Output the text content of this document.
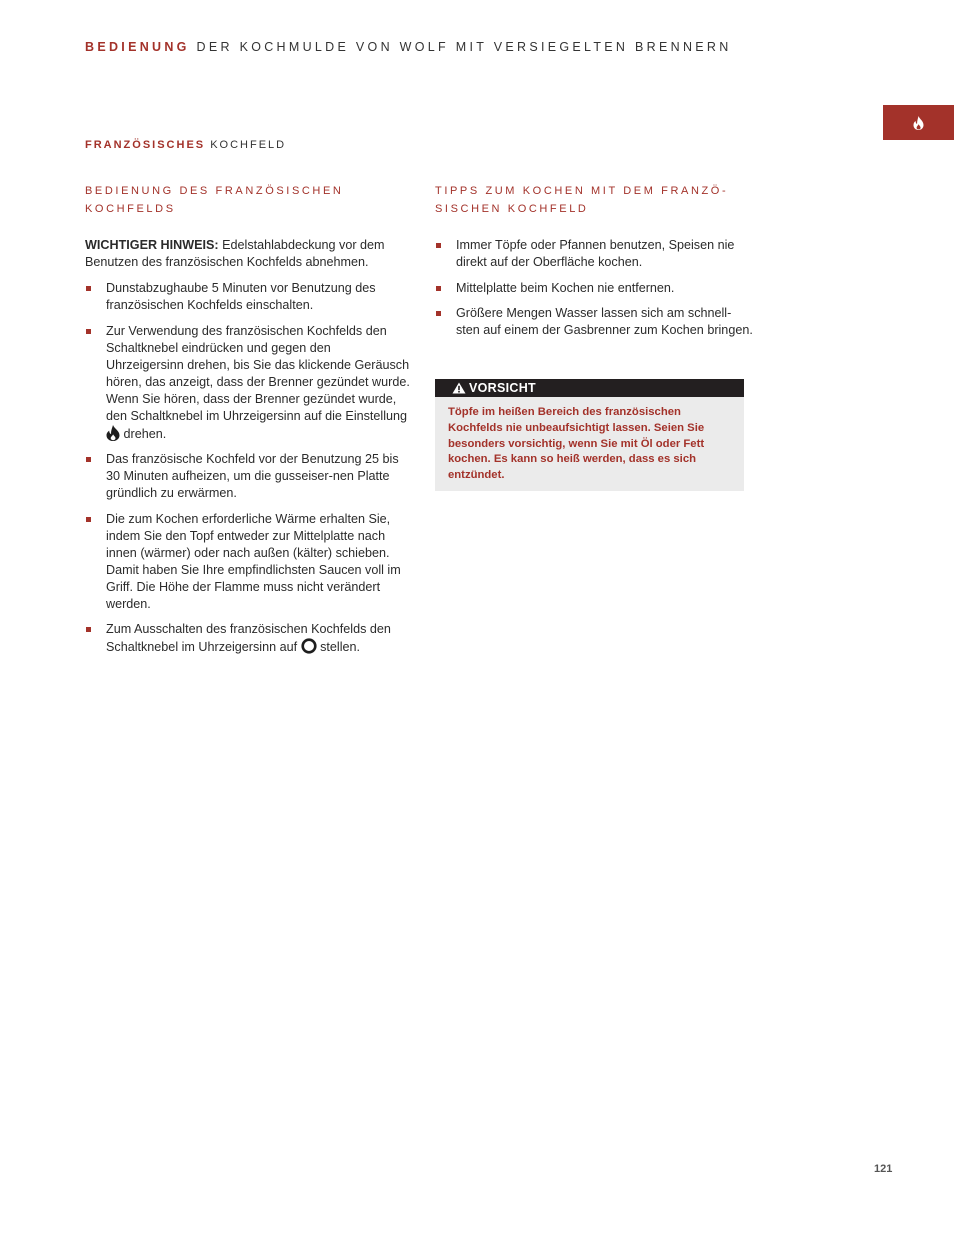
BEDIENUNG DER KOCHMULDE VON WOLF MIT VERSIEGELTEN BRENNERN
FRANZÖSISCHES KOCHFELD
BEDIENUNG DES FRANZÖSISCHEN
KOCHFELDS

WICHTIGER HINWEIS: Edelstahlabdeckung vor dem Benutzen des französischen Kochfelds abnehmen.

Dunstabzughaube 5 Minuten vor Benutzung des französischen Kochfelds einschalten.
Zur Verwendung des französischen Kochfelds den Schaltknebel eindrücken und gegen den Uhrzeigersinn drehen, bis Sie das klickende Geräusch hören, das anzeigt, dass der Brenner gezündet wurde. Wenn Sie hören, dass der Brenner gezündet wurde, den Schaltknebel im Uhrzeigersinn auf die Einstellung  drehen.
Das französische Kochfeld vor der Benutzung 25 bis 30 Minuten aufheizen, um die gusseiser-nen Platte gründlich zu erwärmen.
Die zum Kochen erforderliche Wärme erhalten Sie, indem Sie den Topf entweder zur Mittelplatte nach innen (wärmer) oder nach außen (kälter) schieben. Damit haben Sie Ihre empfindlichsten Saucen voll im Griff. Die Höhe der Flamme muss nicht verändert werden.
Zum Ausschalten des französischen Kochfelds den Schaltknebel im Uhrzeigersinn auf stellen.
TIPPS ZUM KOCHEN MIT DEM FRANZÖ-
SISCHEN KOCHFELD
Immer Töpfe oder Pfannen benutzen, Speisen nie direkt auf der Oberfläche kochen.
Mittelplatte beim Kochen nie entfernen.
Größere Mengen Wasser lassen sich am schnell-sten auf einem der Gasbrenner zum Kochen bringen.
VORSICHT

Töpfe im heißen Bereich des französischen Kochfelds nie unbeaufsichtigt lassen. Seien Sie besonders vorsichtig, wenn Sie mit Öl oder Fett kochen. Es kann so heiß werden, dass es sich entzündet.

121
